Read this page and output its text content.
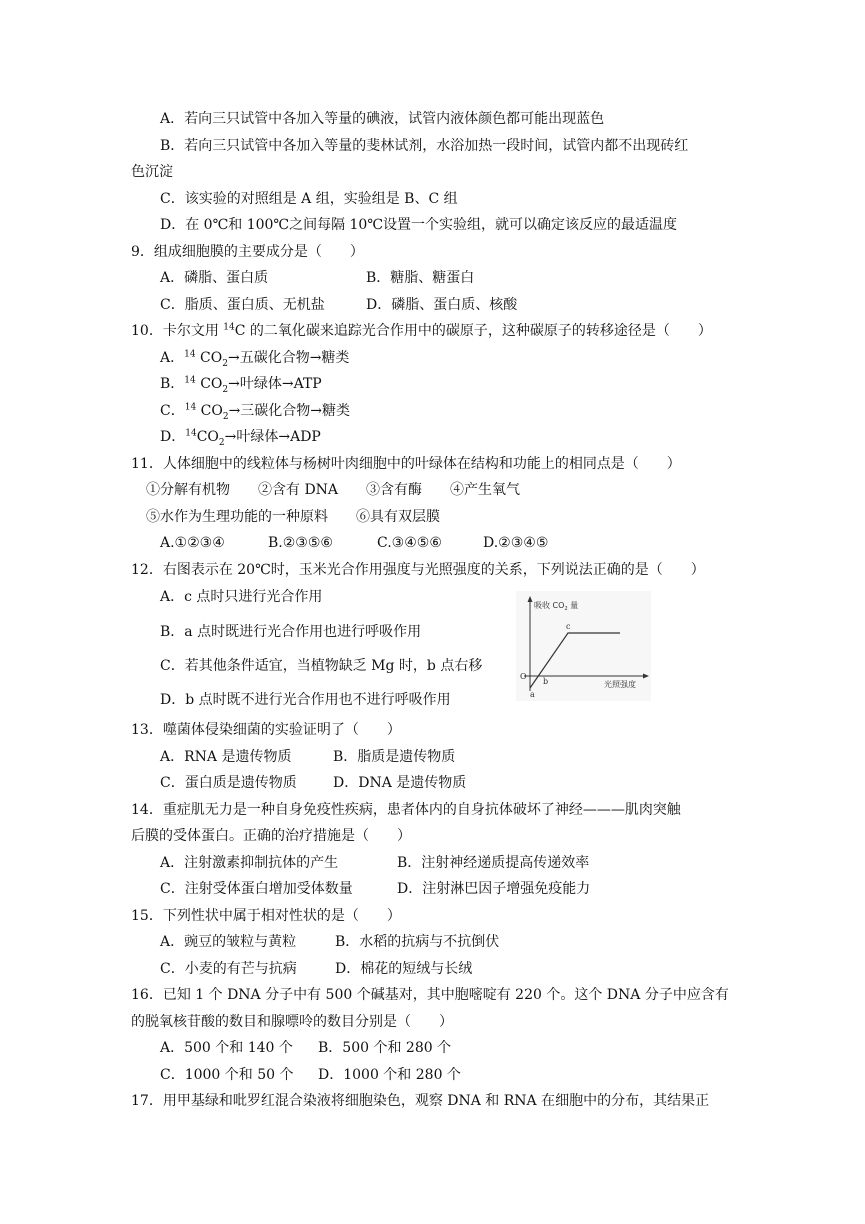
A．若向三只试管中各加入等量的碘液，试管内液体颜色都可能出现蓝色
B．若向三只试管中各加入等量的斐林试剂，水浴加热一段时间，试管内都不出现砖红
色沉淀
C．该实验的对照组是 A 组，实验组是 B、C 组
D．在 0℃和 100℃之间每隔 10℃设置一个实验组，就可以确定该反应的最适温度
9．组成细胞膜的主要成分是（　　）
A．磷脂、蛋白质	B．糖脂、糖蛋白
C．脂质、蛋白质、无机盐	D．磷脂、蛋白质、核酸
10．卡尔文用 $^{14}$C 的二氧化碳来追踪光合作用中的碳原子，这种碳原子的转移途径是（　　）
A．$^{14}$ $CO_2\to$五碳化合物→糖类
B．$^{14}$ $CO_2\to$叶绿体→ATP
C．$^{14}$ $CO_2\to$三碳化合物→糖类
D．$^{14}CO_2\to$叶绿体→ADP
11．人体细胞中的线粒体与杨树叶肉细胞中的叶绿体在结构和功能上的相同点是（　　）
①分解有机物　　②含有 DNA　　③含有酶　　④产生氧气
⑤水作为生理功能的一种原料　　⑥具有双层膜
A.①②③④	B.②③⑤⑥	C.③④⑤⑥	D.②③④⑤
12．右图表示在 20℃时，玉米光合作用强度与光照强度的关系，下列说法正确的是（　　）
A．c 点时只进行光合作用
B．a 点时既进行光合作用也进行呼吸作用
C．若其他条件适宜，当植物缺乏 Mg 时，b 点右移
D．b 点时既不进行光合作用也不进行呼吸作用
吸收 $CO_2$ 量
光照强度
O
a
b
c
13．噬菌体侵染细菌的实验证明了（　　）
A．RNA 是遗传物质	B．脂质是遗传物质
C．蛋白质是遗传物质	D．DNA 是遗传物质
14．重症肌无力是一种自身免疫性疾病，患者体内的自身抗体破坏了神经———肌肉突触
后膜的受体蛋白。正确的治疗措施是（　　）
A．注射激素抑制抗体的产生	B．注射神经递质提高传递效率
C．注射受体蛋白增加受体数量	D．注射淋巴因子增强免疫能力
15．下列性状中属于相对性状的是（　　）
A．豌豆的皱粒与黄粒	B．水稻的抗病与不抗倒伏
C．小麦的有芒与抗病	D．棉花的短绒与长绒
16．已知 1 个 DNA 分子中有 500 个碱基对，其中胞嘧啶有 220 个。这个 DNA 分子中应含有
的脱氧核苷酸的数目和腺嘌呤的数目分别是（　　）
A．500 个和 140 个 B．500 个和 280 个
C．1000 个和 50 个 D．1000 个和 280 个
17．用甲基绿和吡罗红混合染液将细胞染色，观察 DNA 和 RNA 在细胞中的分布，其结果正
